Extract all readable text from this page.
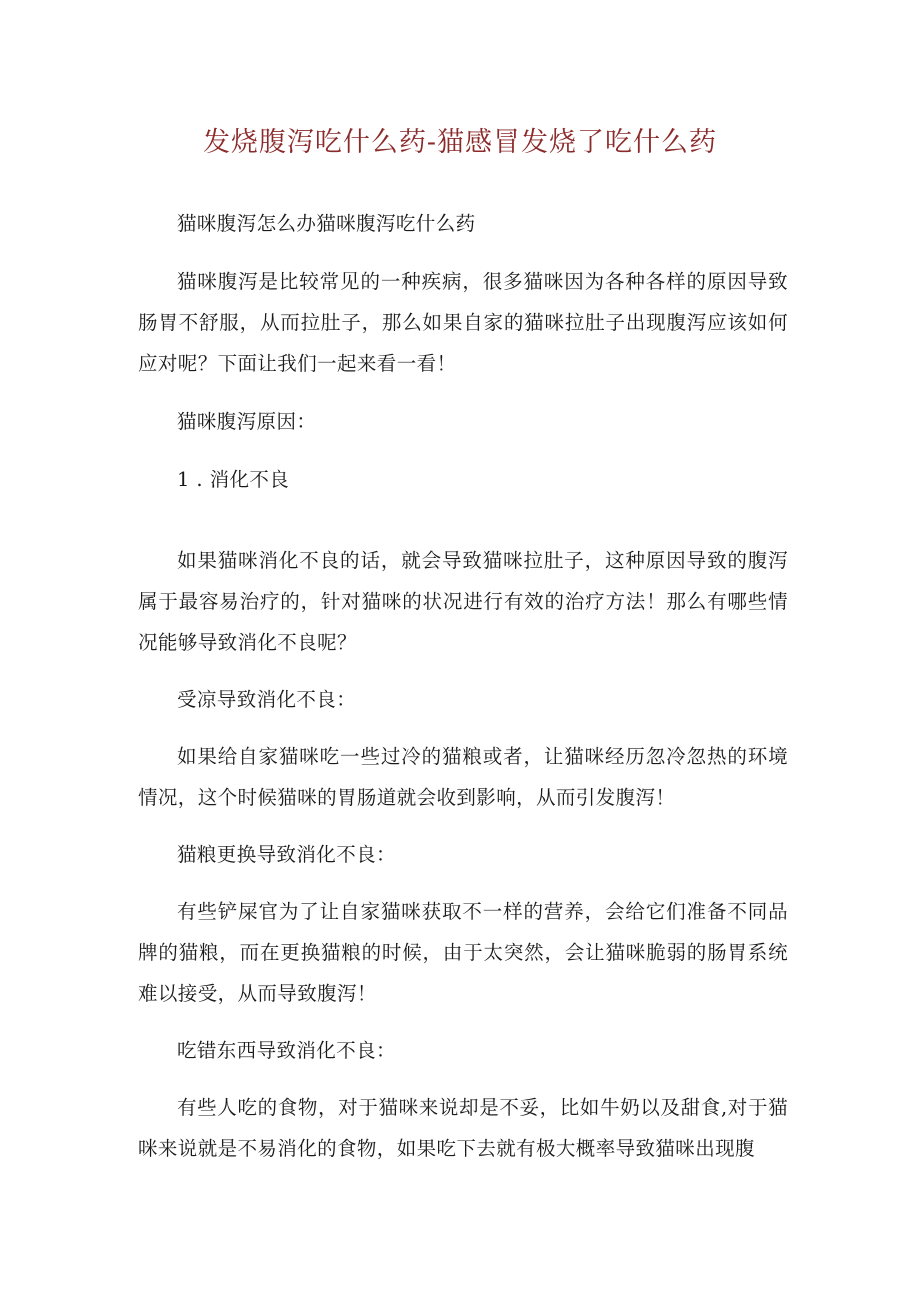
发烧腹泻吃什么药-猫感冒发烧了吃什么药

猫咪腹泻怎么办猫咪腹泻吃什么药

猫咪腹泻是比较常见的一种疾病，很多猫咪因为各种各样的原因导致肠胃不舒服，从而拉肚子，那么如果自家的猫咪拉肚子出现腹泻应该如何应对呢？下面让我们一起来看一看！

猫咪腹泻原因：

1 . 消化不良

如果猫咪消化不良的话，就会导致猫咪拉肚子，这种原因导致的腹泻属于最容易治疗的，针对猫咪的状况进行有效的治疗方法！那么有哪些情况能够导致消化不良呢？

受凉导致消化不良：

如果给自家猫咪吃一些过冷的猫粮或者，让猫咪经历忽冷忽热的环境情况，这个时候猫咪的胃肠道就会收到影响，从而引发腹泻！

猫粮更换导致消化不良：

有些铲屎官为了让自家猫咪获取不一样的营养，会给它们准备不同品牌的猫粮，而在更换猫粮的时候，由于太突然，会让猫咪脆弱的肠胃系统难以接受，从而导致腹泻！

吃错东西导致消化不良：

有些人吃的食物，对于猫咪来说却是不妥，比如牛奶以及甜食,对于猫咪来说就是不易消化的食物，如果吃下去就有极大概率导致猫咪出现腹
